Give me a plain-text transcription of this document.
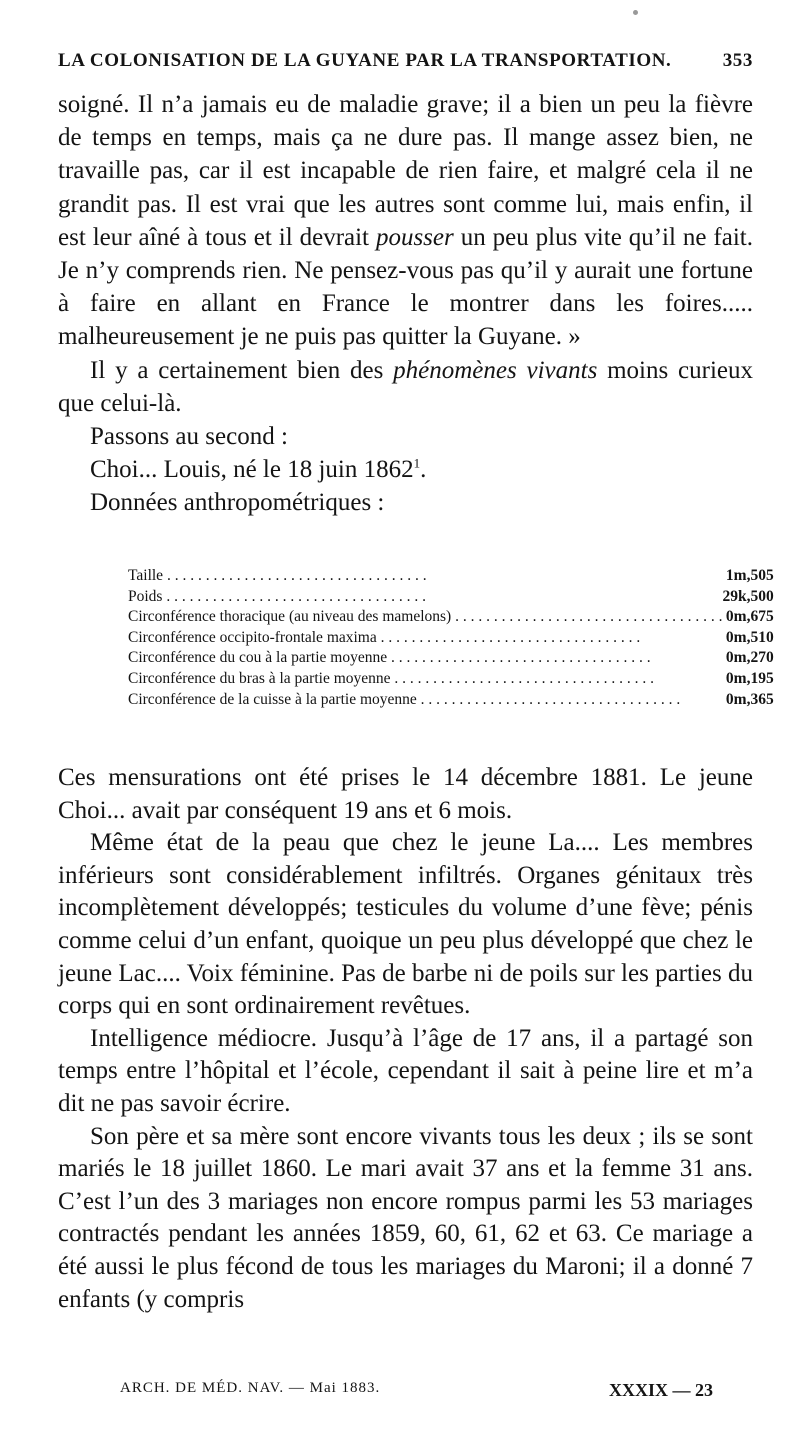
LA COLONISATION DE LA GUYANE PAR LA TRANSPORTATION.	353

soigné. Il n’a jamais eu de maladie grave; il a bien un peu la fièvre de temps en temps, mais ça ne dure pas. Il mange assez bien, ne travaille pas, car il est incapable de rien faire, et malgré cela il ne grandit pas. Il est vrai que les autres sont comme lui, mais enfin, il est leur aîné à tous et il devrait pousser un peu plus vite qu’il ne fait. Je n’y comprends rien. Ne pensez-vous pas qu’il y aurait une fortune à faire en allant en France le montrer dans les foires..... malheureusement je ne puis pas quitter la Guyane. »

Il y a certainement bien des phénomènes vivants moins curieux que celui-là.

Passons au second :

Choi... Louis, né le 18 juin 1862$^1$.

Données anthropométriques :

Taille . . .	1m,505
Poids . . .	29k,500
Circonférence thoracique (au niveau des mamelons) . . . .	0m,675
Circonférence occipito-frontale maxima . . .	0m,510
Circonférence du cou à la partie moyenne . . .	0m,270
Circonférence du bras à la partie moyenne . . .	0m,195
Circonférence de la cuisse à la partie moyenne . . .	0m,365

Ces mensurations ont été prises le 14 décembre 1881. Le jeune Choi... avait par conséquent 19 ans et 6 mois.

Même état de la peau que chez le jeune La.... Les membres inférieurs sont considérablement infiltrés. Organes génitaux très incomplètement développés; testicules du volume d’une fève; pénis comme celui d’un enfant, quoique un peu plus développé que chez le jeune Lac.... Voix féminine. Pas de barbe ni de poils sur les parties du corps qui en sont ordinairement revêtues.

Intelligence médiocre. Jusqu’à l’âge de 17 ans, il a partagé son temps entre l’hôpital et l’école, cependant il sait à peine lire et m’a dit ne pas savoir écrire.

Son père et sa mère sont encore vivants tous les deux ; ils se sont mariés le 18 juillet 1860. Le mari avait 37 ans et la femme 31 ans. C’est l’un des 3 mariages non encore rompus parmi les 53 mariages contractés pendant les années 1859, 60, 61, 62 et 63. Ce mariage a été aussi le plus fécond de tous les mariages du Maroni; il a donné 7 enfants (y compris

ARCH. DE MÉD. NAV. — Mai 1883.	XXXIX — 23
